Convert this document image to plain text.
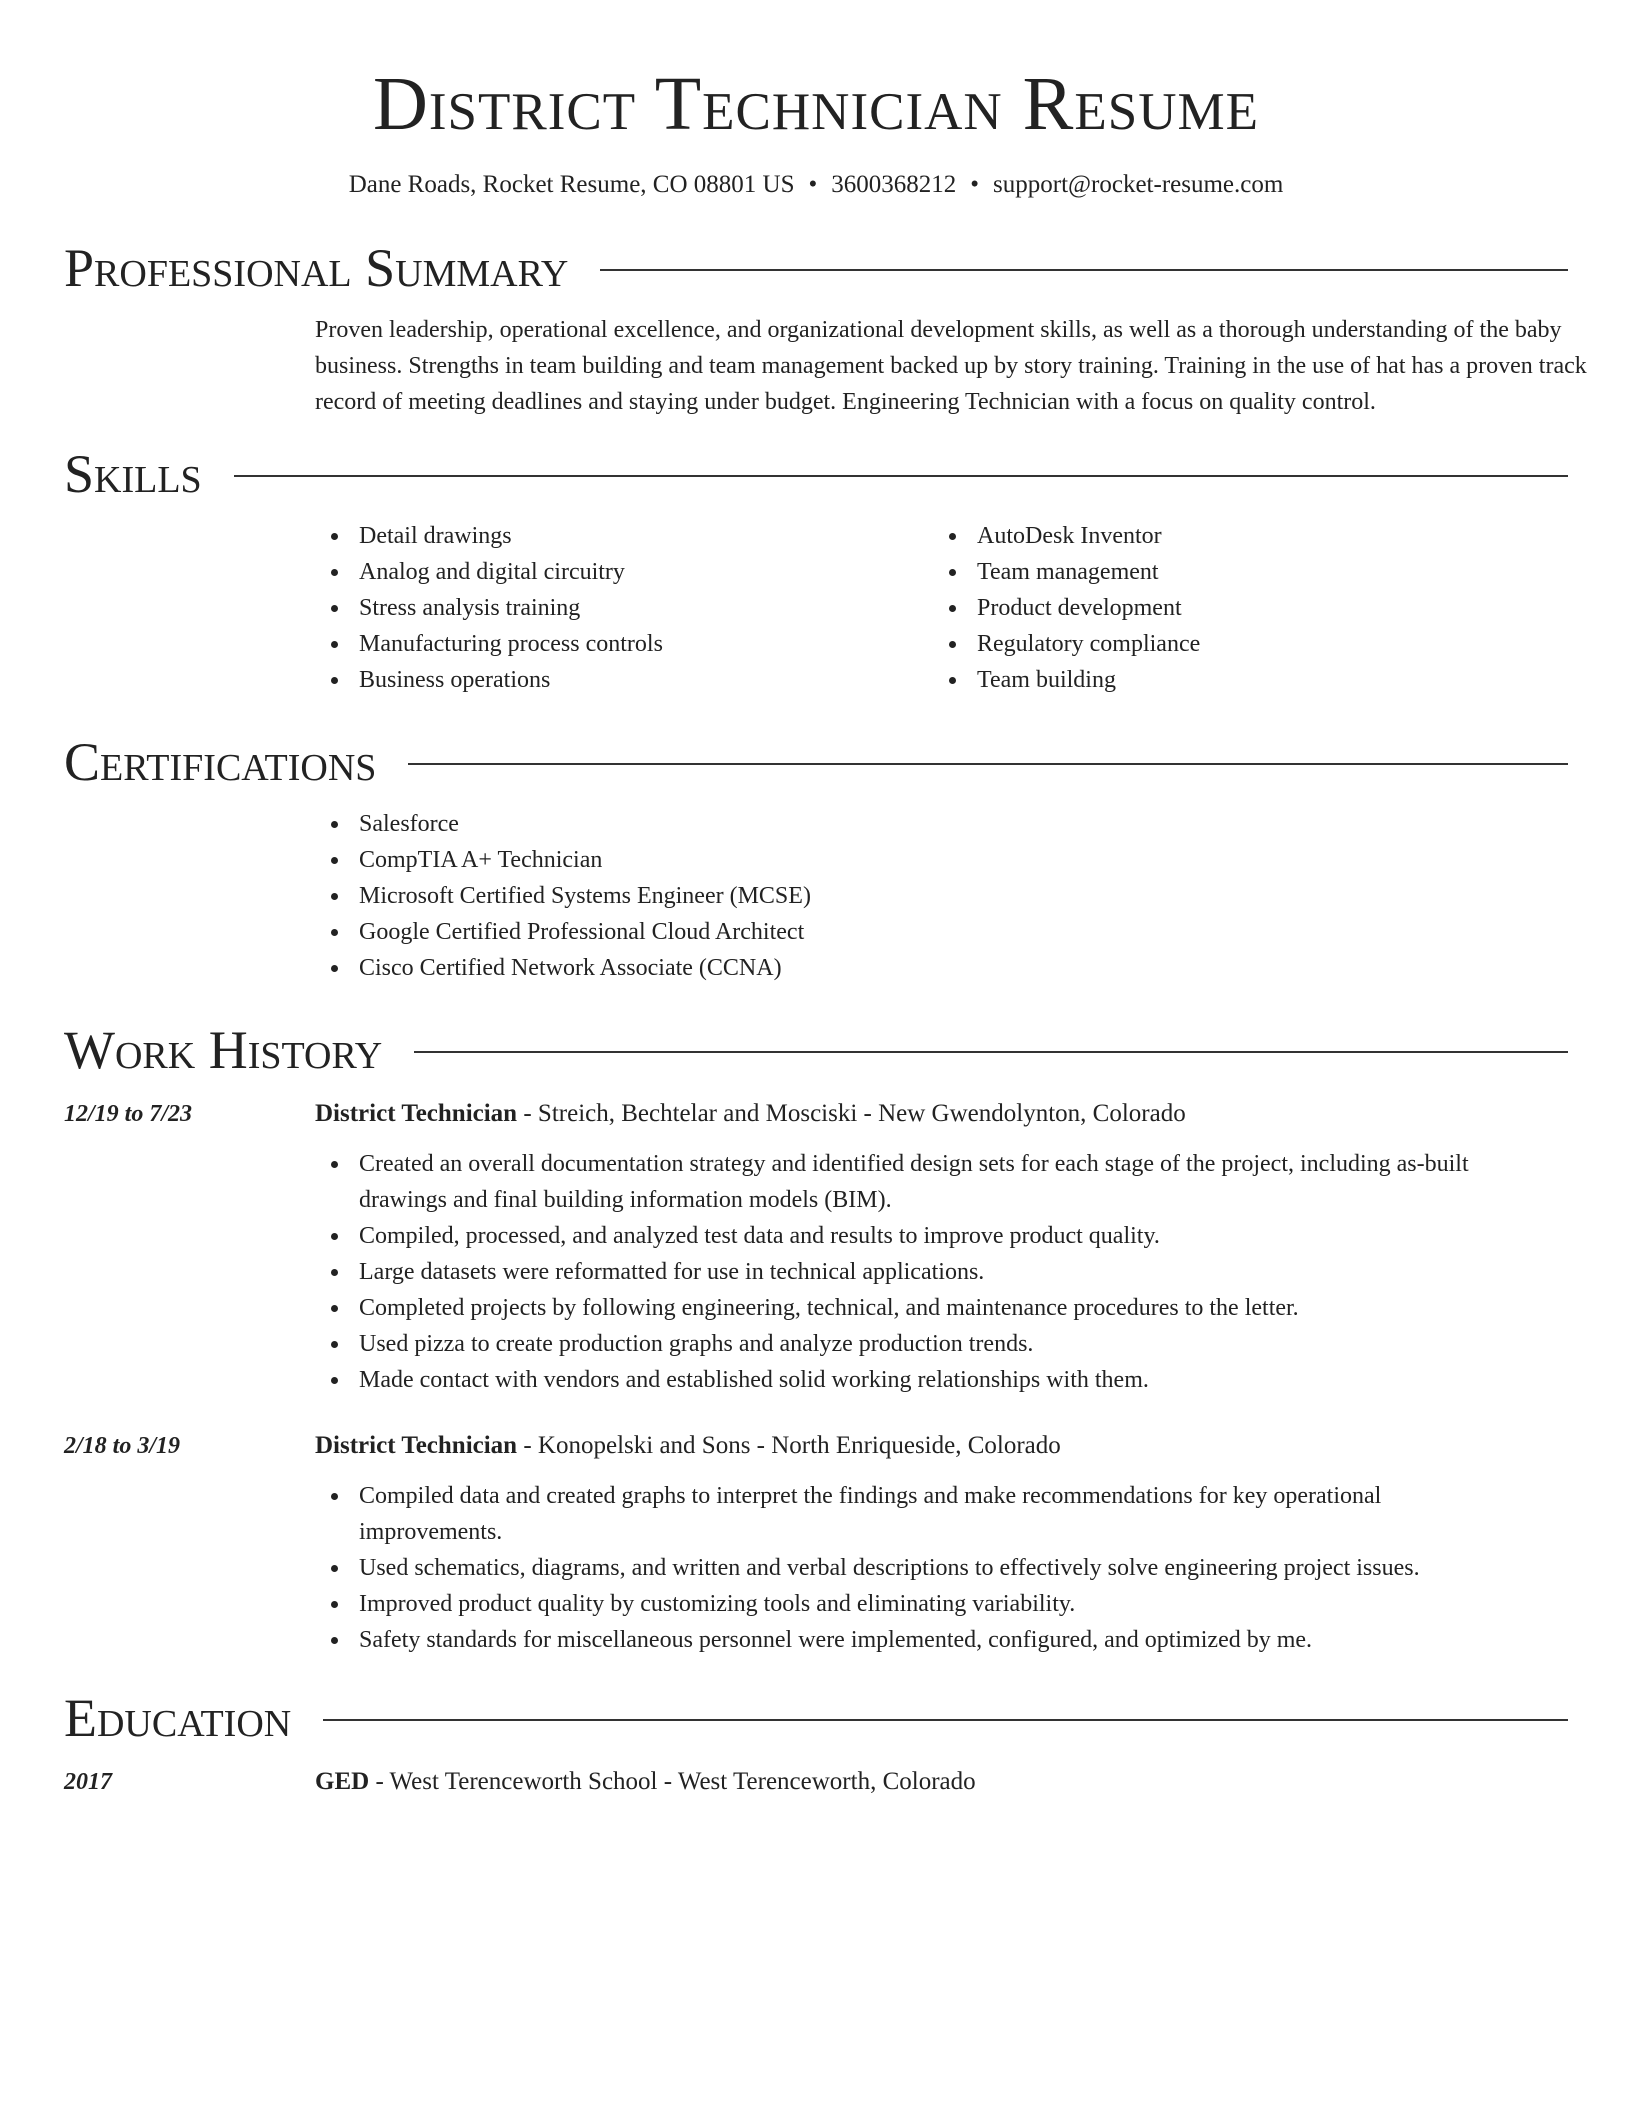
District Technician Resume
Dane Roads, Rocket Resume, CO 08801 US • 3600368212 • support@rocket-resume.com
Professional Summary

Proven leadership, operational excellence, and organizational development skills, as well as a thorough understanding of the baby business. Strengths in team building and team management backed up by story training. Training in the use of hat has a proven track record of meeting deadlines and staying under budget. Engineering Technician with a focus on quality control.

Skills
Detail drawings
Analog and digital circuitry
Stress analysis training
Manufacturing process controls
Business operations
AutoDesk Inventor
Team management
Product development
Regulatory compliance
Team building
Certifications
Salesforce
CompTIA A+ Technician
Microsoft Certified Systems Engineer (MCSE)
Google Certified Professional Cloud Architect
Cisco Certified Network Associate (CCNA)
Work History
12/19 to 7/23	District Technician - Streich, Bechtelar and Mosciski - New Gwendolynton, Colorado
Created an overall documentation strategy and identified design sets for each stage of the project, including as-built drawings and final building information models (BIM).
Compiled, processed, and analyzed test data and results to improve product quality.
Large datasets were reformatted for use in technical applications.
Completed projects by following engineering, technical, and maintenance procedures to the letter.
Used pizza to create production graphs and analyze production trends.
Made contact with vendors and established solid working relationships with them.
2/18 to 3/19	District Technician - Konopelski and Sons - North Enriqueside, Colorado
Compiled data and created graphs to interpret the findings and make recommendations for key operational improvements.
Used schematics, diagrams, and written and verbal descriptions to effectively solve engineering project issues.
Improved product quality by customizing tools and eliminating variability.
Safety standards for miscellaneous personnel were implemented, configured, and optimized by me.
Education
2017	GED - West Terenceworth School - West Terenceworth, Colorado
